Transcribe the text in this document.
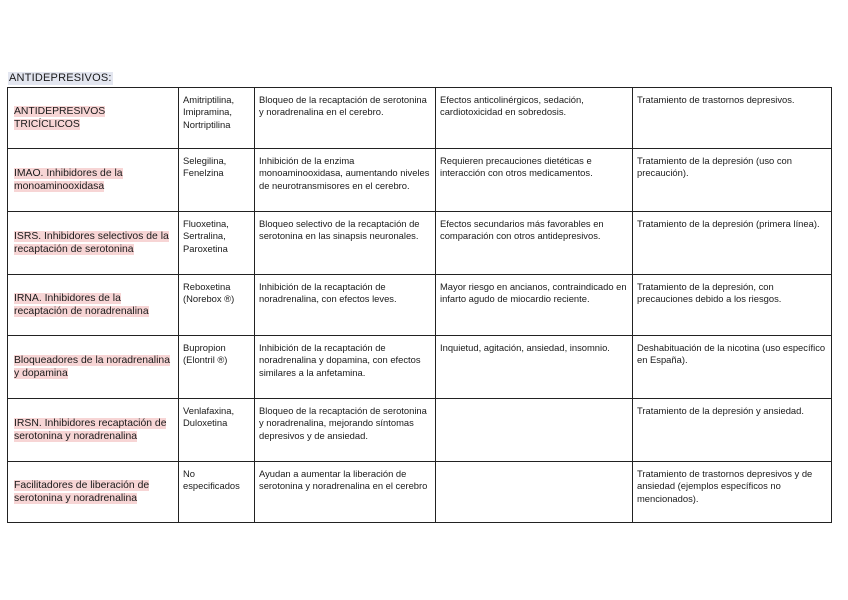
ANTIDEPRESIVOS:
ANTIDEPRESIVOS TRICÍCLICOS	Amitriptilina, Imipramina, Nortriptilina	Bloqueo de la recaptación de serotonina y noradrenalina en el cerebro.	Efectos anticolinérgicos, sedación, cardiotoxicidad en sobredosis.	Tratamiento de trastornos depresivos.
IMAO. Inhibidores de la monoaminooxidasa	Selegilina, Fenelzina	Inhibición de la enzima monoaminooxidasa, aumentando niveles de neurotransmisores en el cerebro.	Requieren precauciones dietéticas e interacción con otros medicamentos.	Tratamiento de la depresión (uso con precaución).
ISRS. Inhibidores selectivos de la recaptación de serotonina	Fluoxetina, Sertralina, Paroxetina	Bloqueo selectivo de la recaptación de serotonina en las sinapsis neuronales.	Efectos secundarios más favorables en comparación con otros antidepresivos.	Tratamiento de la depresión (primera línea).
IRNA. Inhibidores de la recaptación de noradrenalina	Reboxetina (Norebox ®)	Inhibición de la recaptación de noradrenalina, con efectos leves.	Mayor riesgo en ancianos, contraindicado en infarto agudo de miocardio reciente.	Tratamiento de la depresión, con precauciones debido a los riesgos.
Bloqueadores de la noradrenalina y dopamina	Bupropion (Elontril ®)	Inhibición de la recaptación de noradrenalina y dopamina, con efectos similares a la anfetamina.	Inquietud, agitación, ansiedad, insomnio.	Deshabituación de la nicotina (uso específico en España).
IRSN. Inhibidores recaptación de serotonina y noradrenalina	Venlafaxina, Duloxetina	Bloqueo de la recaptación de serotonina y noradrenalina, mejorando síntomas depresivos y de ansiedad.		Tratamiento de la depresión y ansiedad.
Facilitadores de liberación de serotonina y noradrenalina	No especificados	Ayudan a aumentar la liberación de serotonina y noradrenalina en el cerebro		Tratamiento de trastornos depresivos y de ansiedad (ejemplos específicos no mencionados).
